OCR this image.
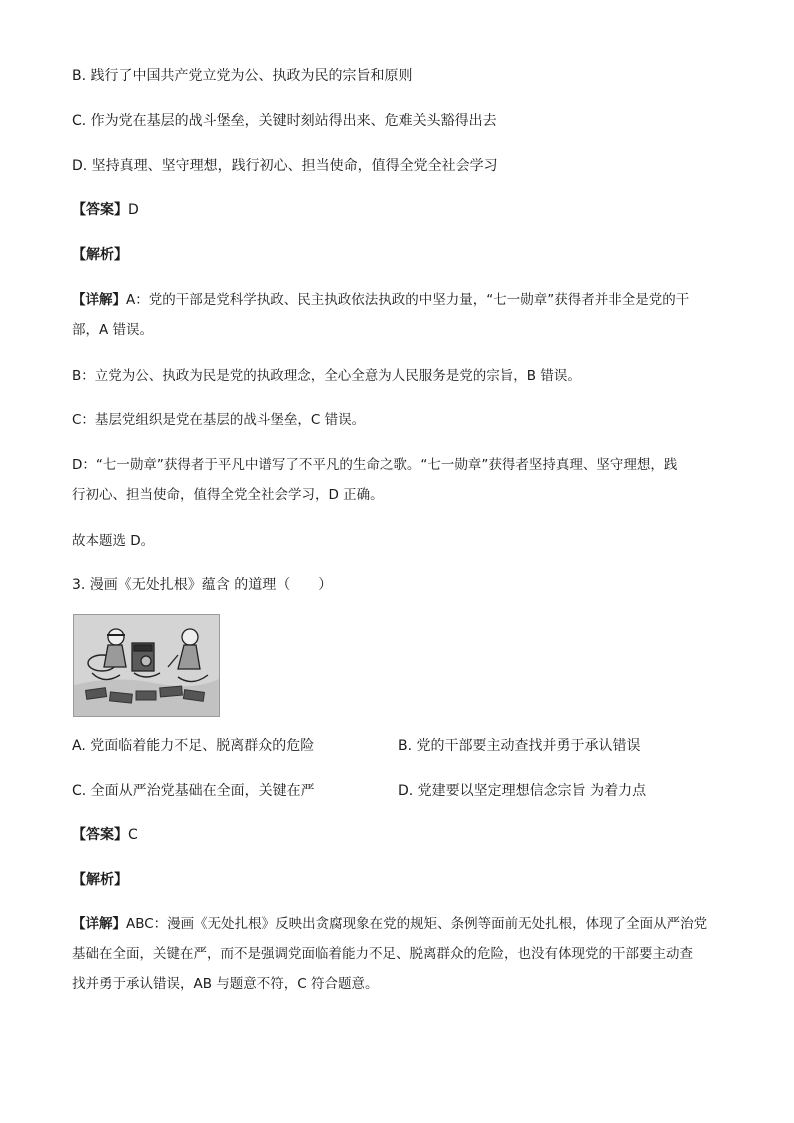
B. 践行了中国共产党立党为公、执政为民的宗旨和原则
C. 作为党在基层的战斗堡垒，关键时刻站得出来、危难关头豁得出去
D. 坚持真理、坚守理想，践行初心、担当使命，值得全党全社会学习
【答案】D
【解析】
【详解】A：党的干部是党科学执政、民主执政依法执政的中坚力量，“七一勋章”获得者并非全是党的干
部，A 错误。
B：立党为公、执政为民是党的执政理念，全心全意为人民服务是党的宗旨，B 错误。
C：基层党组织是党在基层的战斗堡垒，C 错误。
D：“七一勋章”获得者于平凡中谱写了不平凡的生命之歌。“七一勋章”获得者坚持真理、坚守理想，践
行初心、担当使命，值得全党全社会学习，D 正确。
故本题选 D。
3. 漫画《无处扎根》蕴含 的道理（　　）
A. 党面临着能力不足、脱离群众的危险	B. 党的干部要主动查找并勇于承认错误
C. 全面从严治党基础在全面，关键在严	D. 党建要以坚定理想信念宗旨 为着力点
【答案】C
【解析】
【详解】ABC：漫画《无处扎根》反映出贪腐现象在党的规矩、条例等面前无处扎根，体现了全面从严治党
基础在全面，关键在严，而不是强调党面临着能力不足、脱离群众的危险，也没有体现党的干部要主动查
找并勇于承认错误，AB 与题意不符，C 符合题意。
